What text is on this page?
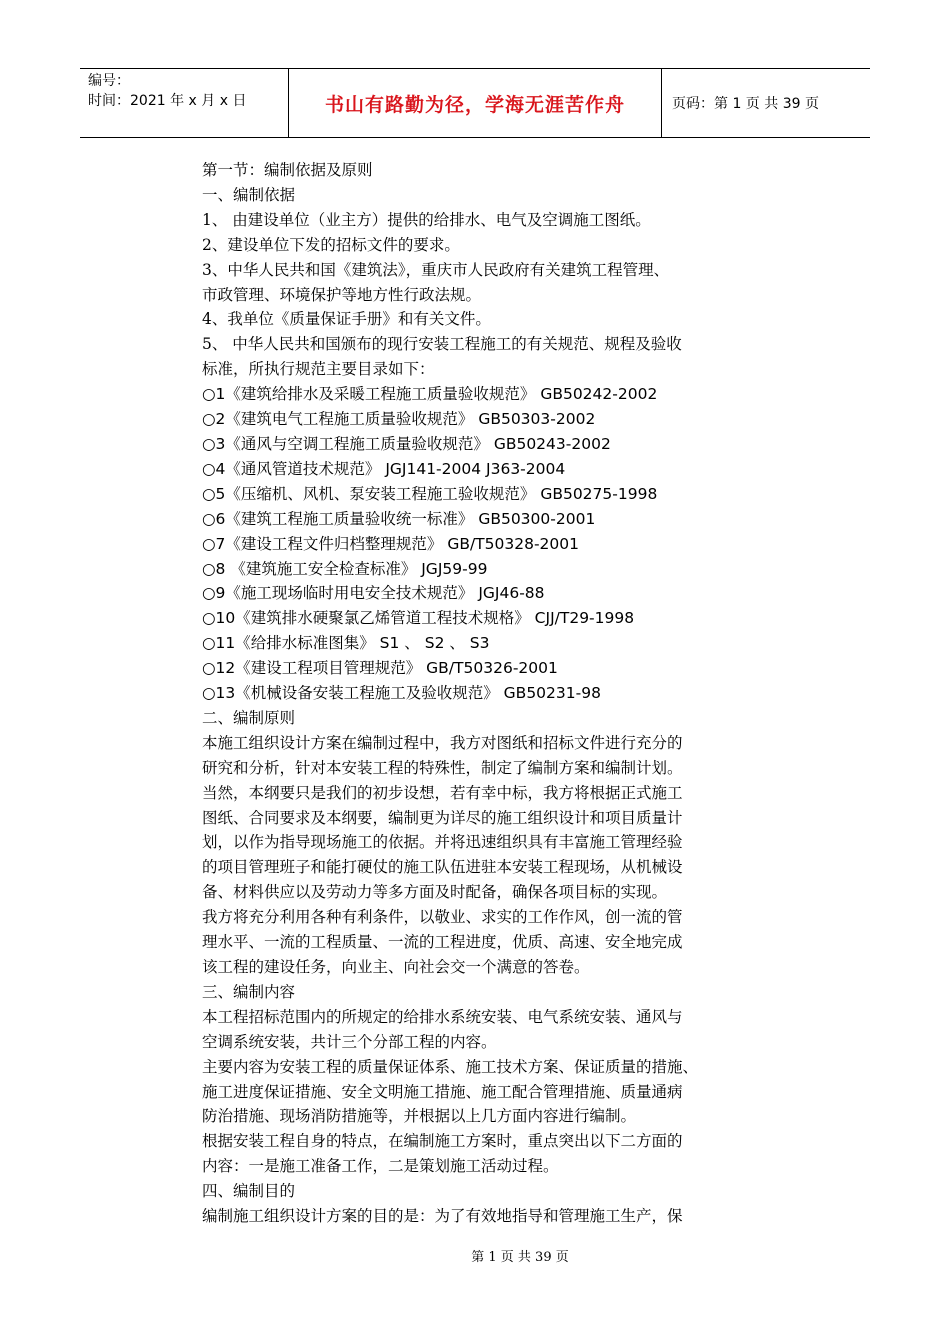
编号：
时间：2021 年 x 月 x 日	书山有路勤为径，学海无涯苦作舟	页码：第 1 页 共 39 页

第一节：编制依据及原则

一、编制依据

1、 由建设单位（业主方）提供的给排水、电气及空调施工图纸。

2、建设单位下发的招标文件的要求。

3、中华人民共和国《建筑法》，重庆市人民政府有关建筑工程管理、

市政管理、环境保护等地方性行政法规。

4、我单位《质量保证手册》和有关文件。

5、 中华人民共和国颁布的现行安装工程施工的有关规范、规程及验收

标准，所执行规范主要目录如下：

○1《建筑给排水及采暖工程施工质量验收规范》 GB50242-2002

○2《建筑电气工程施工质量验收规范》 GB50303-2002

○3《通风与空调工程施工质量验收规范》 GB50243-2002

○4《通风管道技术规范》 JGJ141-2004 J363-2004

○5《压缩机、风机、泵安装工程施工验收规范》 GB50275-1998

○6《建筑工程施工质量验收统一标准》 GB50300-2001

○7《建设工程文件归档整理规范》 GB/T50328-2001

○8 《建筑施工安全检查标准》 JGJ59-99

○9《施工现场临时用电安全技术规范》 JGJ46-88

○10《建筑排水硬聚氯乙烯管道工程技术规格》 CJJ/T29-1998

○11《给排水标准图集》 S1 、 S2 、 S3

○12《建设工程项目管理规范》 GB/T50326-2001

○13《机械设备安装工程施工及验收规范》 GB50231-98

二、编制原则

本施工组织设计方案在编制过程中，我方对图纸和招标文件进行充分的

研究和分析，针对本安装工程的特殊性，制定了编制方案和编制计划。

当然，本纲要只是我们的初步设想，若有幸中标，我方将根据正式施工

图纸、合同要求及本纲要，编制更为详尽的施工组织设计和项目质量计

划，以作为指导现场施工的依据。并将迅速组织具有丰富施工管理经验

的项目管理班子和能打硬仗的施工队伍进驻本安装工程现场，从机械设

备、材料供应以及劳动力等多方面及时配备，确保各项目标的实现。

我方将充分利用各种有利条件，以敬业、求实的工作作风，创一流的管

理水平、一流的工程质量、一流的工程进度，优质、高速、安全地完成

该工程的建设任务，向业主、向社会交一个满意的答卷。

三、编制内容

本工程招标范围内的所规定的给排水系统安装、电气系统安装、通风与

空调系统安装，共计三个分部工程的内容。

主要内容为安装工程的质量保证体系、施工技术方案、保证质量的措施、

施工进度保证措施、安全文明施工措施、施工配合管理措施、质量通病

防治措施、现场消防措施等，并根据以上几方面内容进行编制。

根据安装工程自身的特点，在编制施工方案时，重点突出以下二方面的

内容：一是施工准备工作，二是策划施工活动过程。

四、编制目的

编制施工组织设计方案的目的是：为了有效地指导和管理施工生产，保

第 1 页 共 39 页
